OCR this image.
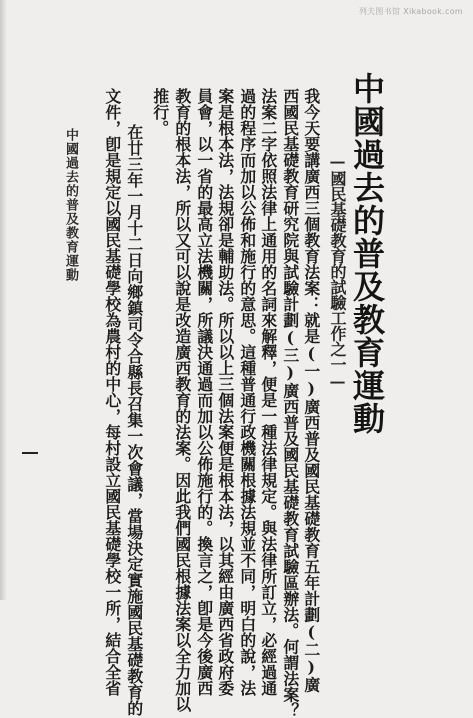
列夫图书馆 Xikabook.com
中國過去的普及教育運動
—國民基礎教育的試驗工作之一—
我今天要講廣西三個教育法案：就是(一)廣西普及國民基礎教育五年計劃(二)廣
西國民基礎教育研究院與試驗計劃(三)廣西普及國民基礎教育試驗區辦法。何謂法案？
法案二字依照法律上通用的名詞來解釋，便是一種法律規定。與法律所訂立，必經過通
過的程序而加以公佈和施行的意思。這種普通行政機關根據法規並不同，明白的說，法
案是根本法，法規卻是輔助法。所以以上三個法案便是根本法，以其經由廣西省政府委
員會，以一省的最高立法機關，所議決通過而加以公佈施行的。換言之，卽是今後廣西
教育的根本法，所以又可以說是改造廣西教育的法案。因此我們國民根據法案以全力加以
推行。
在廿三年一月十二日向鄉鎮司令合縣長召集一次會議，當場決定實施國民基礎教育的
文件，卽是規定以國民基礎學校為農村的中心，每村設立國民基礎學校一所，結合全省
中國過去的普及教育運動
